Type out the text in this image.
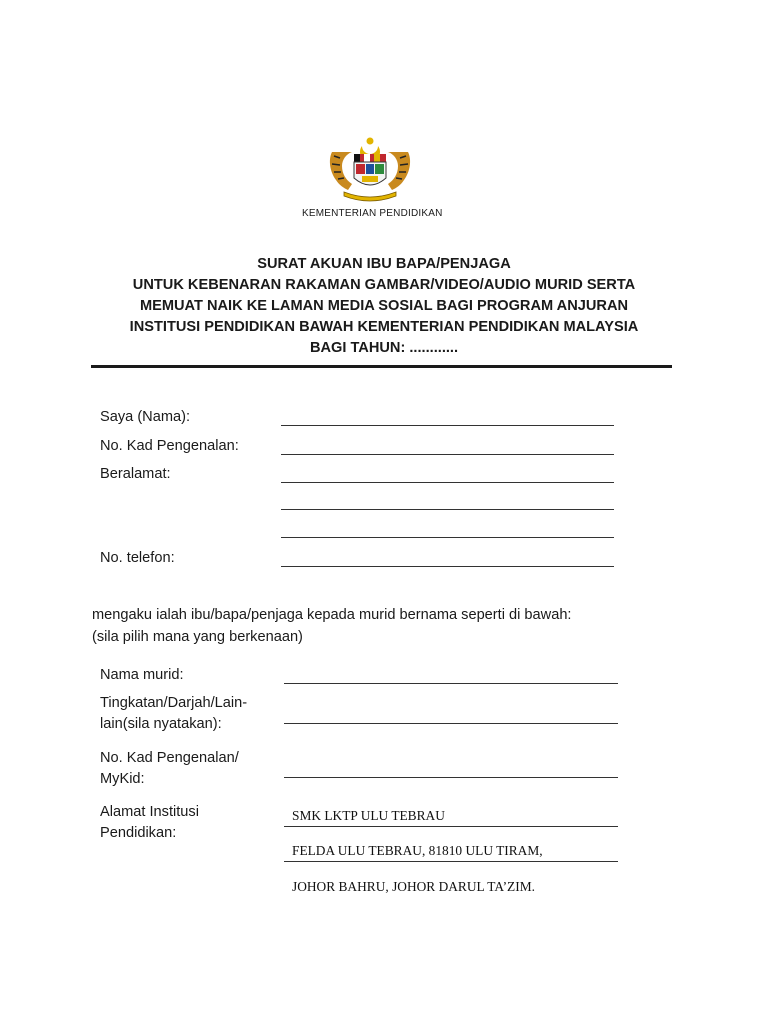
KEMENTERIAN PENDIDIKAN
SURAT AKUAN IBU BAPA/PENJAGA
UNTUK KEBENARAN RAKAMAN GAMBAR/VIDEO/AUDIO MURID SERTA
MEMUAT NAIK KE LAMAN MEDIA SOSIAL BAGI PROGRAM ANJURAN
INSTITUSI PENDIDIKAN BAWAH KEMENTERIAN PENDIDIKAN MALAYSIA
BAGI TAHUN: ............
Saya (Nama):
No. Kad Pengenalan:
Beralamat:
No. telefon:
mengaku ialah ibu/bapa/penjaga kepada murid bernama seperti di bawah:
(sila pilih mana yang berkenaan)
Nama murid:
Tingkatan/Darjah/Lain-
lain(sila nyatakan):
No. Kad Pengenalan/
MyKid:
Alamat Institusi
Pendidikan:
SMK LKTP ULU TEBRAU
FELDA ULU TEBRAU, 81810 ULU TIRAM,
JOHOR BAHRU, JOHOR DARUL TA’ZIM.
